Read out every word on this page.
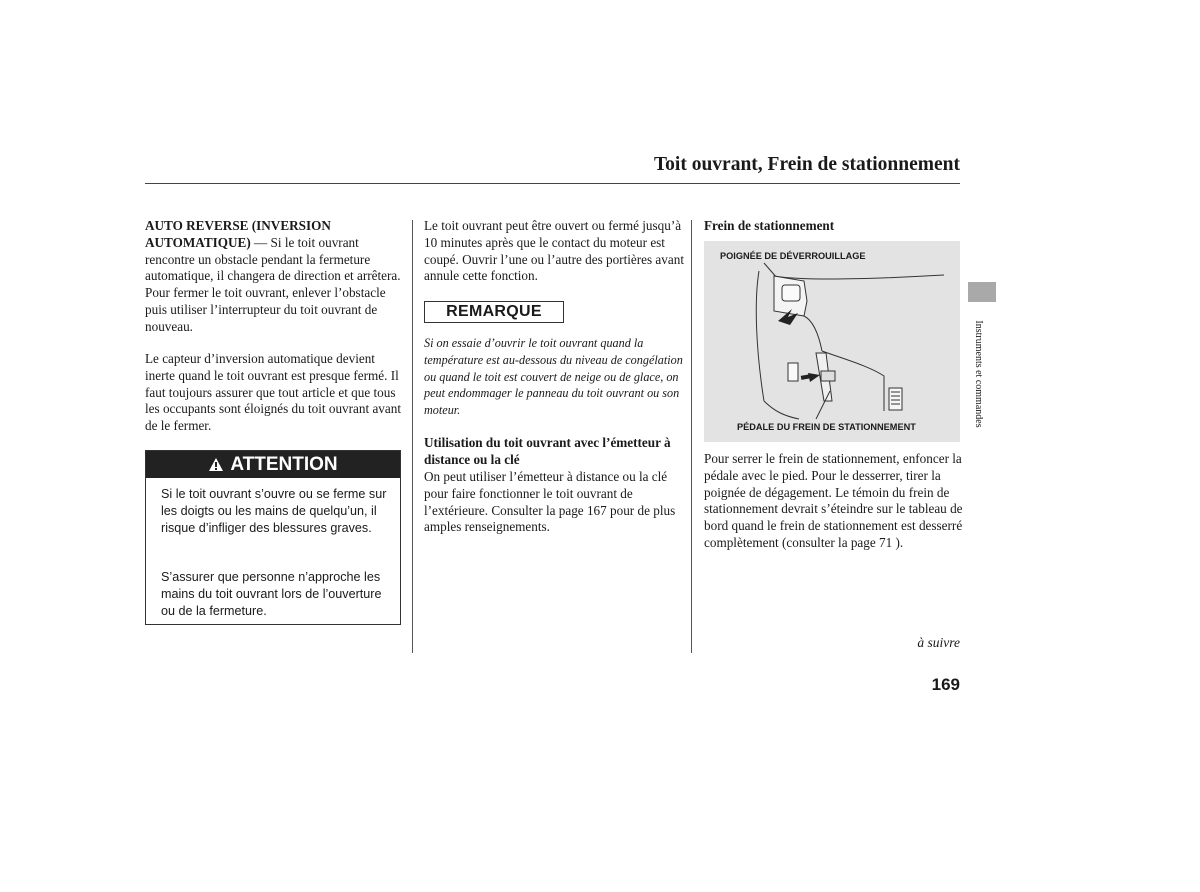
Toit ouvrant, Frein de stationnement
AUTO REVERSE (INVERSION
AUTOMATIQUE) — Si le toit ouvrant rencontre un obstacle pendant la fermeture automatique, il changera de direction et arrêtera. Pour fermer le toit ouvrant, enlever l’obstacle puis utiliser l’interrupteur du toit ouvrant de nouveau.
Le capteur d’inversion automatique devient inerte quand le toit ouvrant est presque fermé. Il faut toujours assurer que tout article et que tous les occupants sont éloignés du toit ouvrant avant de le fermer.
ATTENTION
Si le toit ouvrant s’ouvre ou se ferme sur les doigts ou les mains de quelqu’un, il risque d’infliger des blessures graves.
S’assurer que personne n’approche les mains du toit ouvrant lors de l’ouverture ou de la fermeture.
Le toit ouvrant peut être ouvert ou fermé jusqu’à 10 minutes après que le contact du moteur est coupé. Ouvrir l’une ou l’autre des portières avant annule cette fonction.
REMARQUE
Si on essaie d’ouvrir le toit ouvrant quand la température est au-dessous du niveau de congélation ou quand le toit est couvert de neige ou de glace, on peut endommager le panneau du toit ouvrant ou son moteur.
Utilisation du toit ouvrant avec l’émetteur à distance ou la clé
On peut utiliser l’émetteur à distance ou la clé pour faire fonctionner le toit ouvrant de l’extérieure. Consulter la page 167 pour de plus amples renseignements.
Frein de stationnement
POIGNÉE DE DÉVERROUILLAGE
PÉDALE DU FREIN DE STATIONNEMENT
Pour serrer le frein de stationnement, enfoncer la pédale avec le pied. Pour le desserrer, tirer la poignée de dégagement. Le témoin du frein de stationnement devrait s’éteindre sur le tableau de bord quand le frein de stationnement est desserré complètement (consulter la page 71 ).
Instruments et commandes
à suivre
169
